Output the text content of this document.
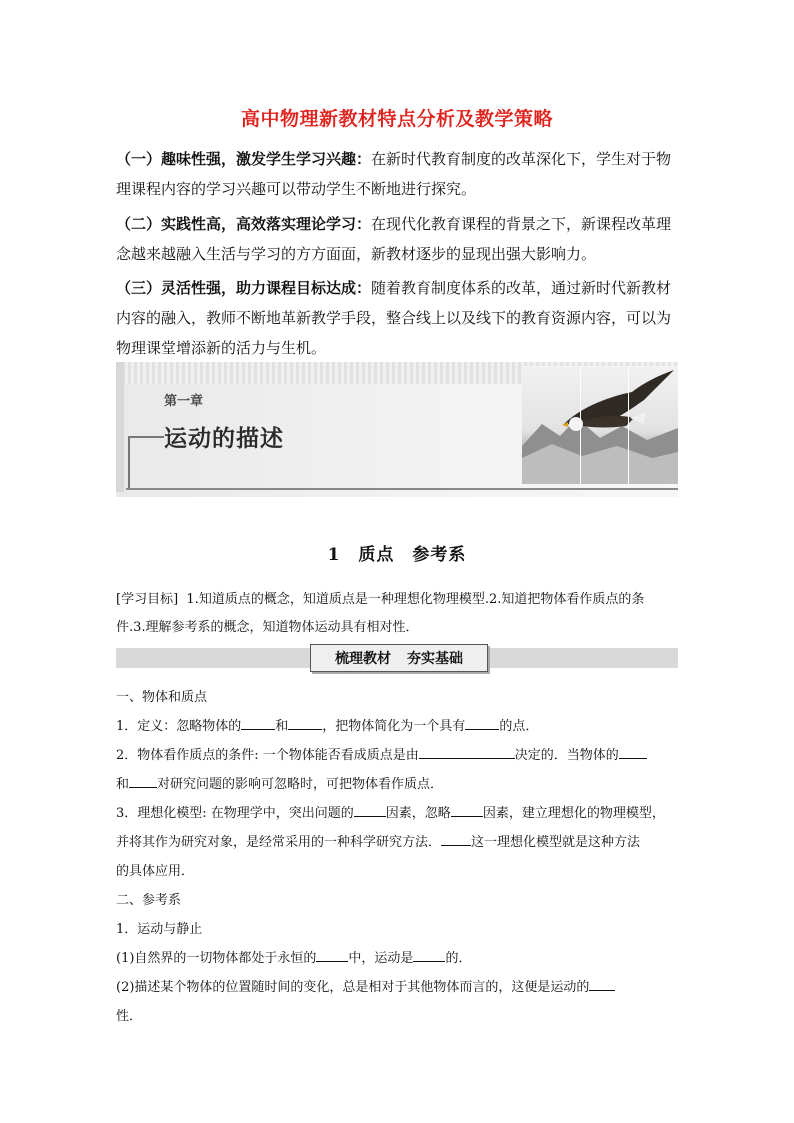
高中物理新教材特点分析及教学策略

（一）趣味性强，激发学生学习兴趣：在新时代教育制度的改革深化下，学生对于物理课程内容的学习兴趣可以带动学生不断地进行探究。

（二）实践性高，高效落实理论学习：在现代化教育课程的背景之下，新课程改革理念越来越融入生活与学习的方方面面，新教材逐步的显现出强大影响力。

（三）灵活性强，助力课程目标达成：随着教育制度体系的改革，通过新时代新教材内容的融入，教师不断地革新教学手段，整合线上以及线下的教育资源内容，可以为物理课堂增添新的活力与生机。

第一章
运动的描述
1　质点　参考系

[学习目标] 1.知道质点的概念，知道质点是一种理想化物理模型.2.知道把物体看作质点的条

件.3.理解参考系的概念，知道物体运动具有相对性．

梳理教材 夯实基础

一、物体和质点

1．定义：忽略物体的	和	，把物体简化为一个具有	的点．

2．物体看作质点的条件: 一个物体能否看成质点是由	决定的．当物体的

和 对研究问题的影响可忽略时，可把物体看作质点．

3．理想化模型: 在物理学中，突出问题的 因素，忽略 因素，建立理想化的物理模型，

并将其作为研究对象，是经常采用的一种科学研究方法． 这一理想化模型就是这种方法

的具体应用．

二、参考系

1．运动与静止

(1)自然界的一切物体都处于永恒的 中，运动是 的．

(2)描述某个物体的位置随时间的变化，总是相对于其他物体而言的，这便是运动的

性．
